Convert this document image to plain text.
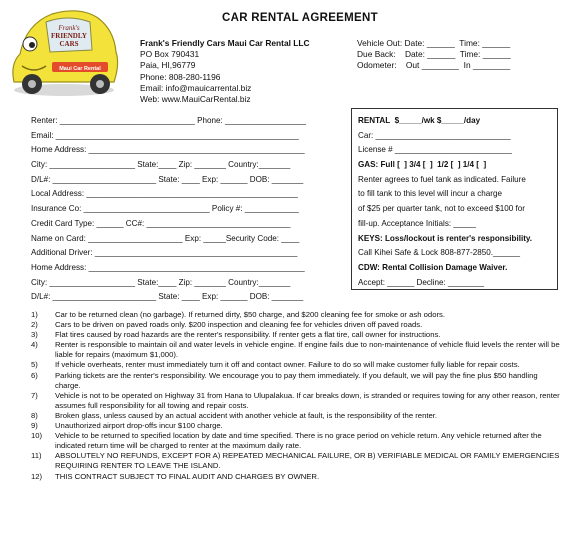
Frank's
FRIENDLY
CARS
Maui Car Rental
CAR RENTAL AGREEMENT
Frank's Friendly Cars Maui Car Rental LLC
PO Box 790431
Paia, HI,96779
Phone: 808-280-1196
Email: info@mauicarrental.biz
Web: www.MauiCarRental.biz
Vehicle Out: Date: ______  Time: ______
Due Back:    Date: ______  Time: ______
Odometer:    Out ________  In ________
Renter: ______________________________ Phone: __________________
Email: ______________________________________________________
Home Address: ________________________________________________
City: ___________________ State:____ Zip: _______ Country:_______
D/L#: _______________________ State: ____ Exp: ______ DOB: _______
Local Address: _______________________________________________
Insurance Co: ____________________________ Policy #: ____________
Credit Card Type: ______ CC#: ________________________________
Name on Card: _____________________ Exp: _____Security Code: ____
Additional Driver: _____________________________________________
Home Address: ________________________________________________
City: ___________________ State:____ Zip: _______ Country:_______
D/L#: _______________________ State: ____ Exp: ______ DOB: _______
RENTAL  $_____/wk $_____/day
Car: ______________________________
License # __________________________
GAS: Full [  ] 3/4 [  ]  1/2 [  ] 1/4 [  ]
Renter agrees to fuel tank as indicated. Failure
to fill tank to this level will incur a charge
of $25 per quarter tank, not to exceed $100 for
fill-up. Acceptance Initials: _____
KEYS: Loss/lockout is renter's responsibility.
Call Kihei Safe & Lock 808-877-2850.______
CDW: Rental Collision Damage Waiver.
Accept: ______ Decline: ________
1)	Car to be returned clean (no garbage). If returned dirty, $50 charge, and $200 cleaning fee for smoke or ash odors.
2)	Cars to be driven on paved roads only. $200 inspection and cleaning fee for vehicles driven off paved roads.
3)	Flat tires caused by road hazards are the renter's responsibility. If renter gets a flat tire, call owner for instructions.
4)	Renter is responsible to maintain oil and water levels in vehicle engine. If engine fails due to non-maintenance of vehicle fluid levels the renter will be liable for repairs (maximum $1,000).
5)	If vehicle overheats, renter must immediately turn it off and contact owner. Failure to do so will make customer fully liable for repair costs.
6)	Parking tickets are the renter's responsibility. We encourage you to pay them immediately. If you default, we will pay the fine plus $50 handling charge.
7)	Vehicle is not to be operated on Highway 31 from Hana to Ulupalakua. If car breaks down, is stranded or requires towing for any other reason, renter assumes full responsibility for all towing and repair costs.
8)	Broken glass, unless caused by an actual accident with another vehicle at fault, is the responsibility of the renter.
9)	Unauthorized airport drop-offs incur $100 charge.
10)	Vehicle to be returned to specified location by date and time specified. There is no grace period on vehicle return. Any vehicle returned after the indicated return time will be charged to renter at the maximum daily rate.
11)	ABSOLUTELY NO REFUNDS, EXCEPT FOR A) REPEATED MECHANICAL FAILURE, OR B) VERIFIABLE MEDICAL OR FAMILY EMERGENCIES REQUIRING RENTER TO LEAVE THE ISLAND.
12)	THIS CONTRACT SUBJECT TO FINAL AUDIT AND CHARGES BY OWNER.
